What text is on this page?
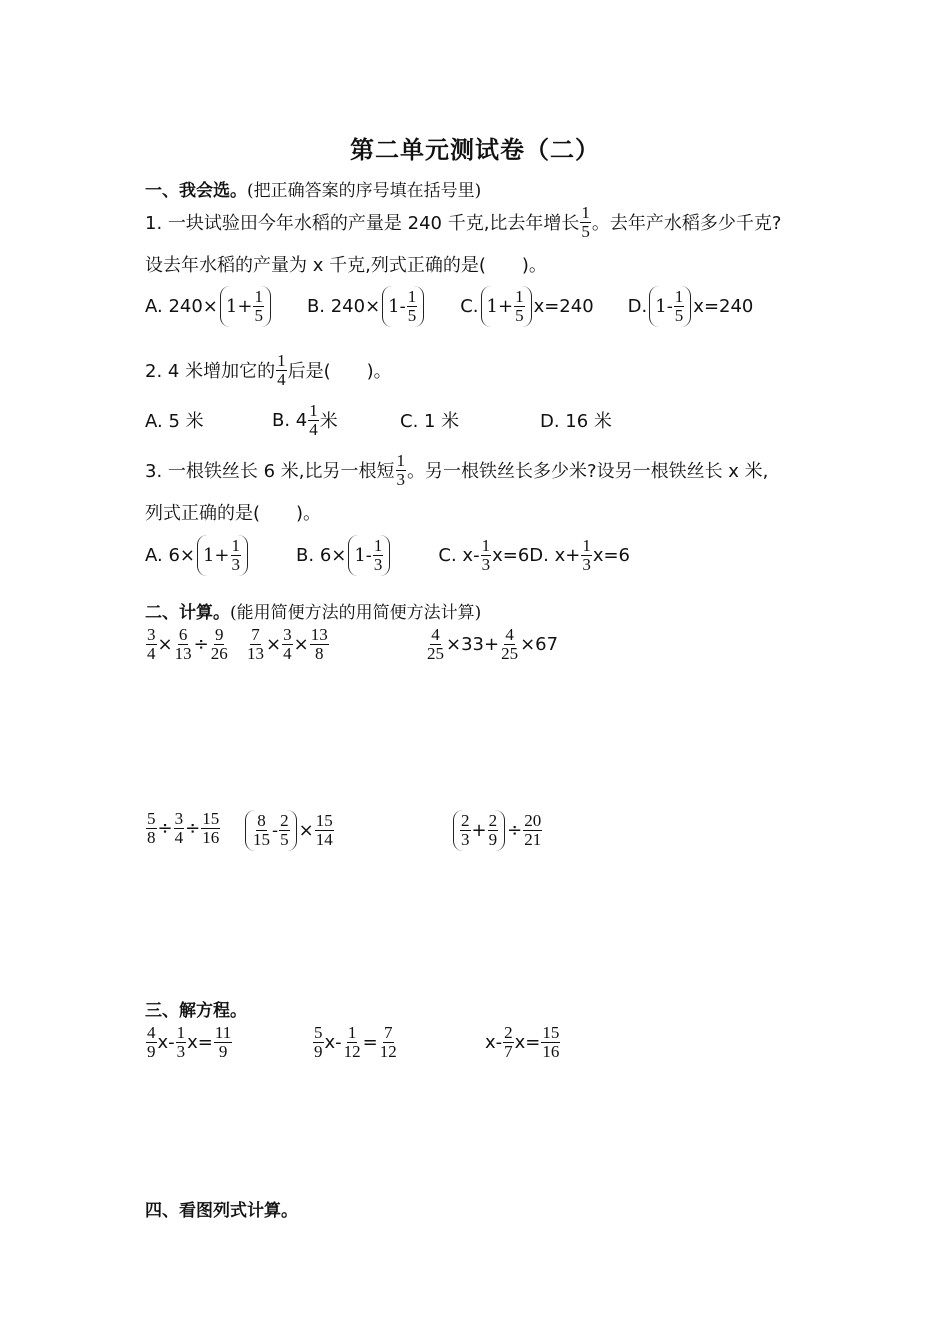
第二单元测试卷（二）
一、我会选。 (把正确答案的序号填在括号里)
1. 一块试验田今年水稻的产量是 240 千克,比去年增长 $\frac{1}{5}$ 。去年产水稻多少千克?
设去年水稻的产量为 x 千克,列式正确的是(　　)。
A. $240\times 1+ \frac{1}{5} B$. $240\times 1- \frac{1}{5} C$. $1+ \frac{1}{5} x=240$ D. $1- \frac{1}{5} x=240$
2. 4 米增加它的 $\frac{1}{4}$ 后是(　　)。
A. 5 米	B. $4 \frac{1}{4}$ 米	C. 1 米	D. 16 米
3. 一根铁丝长 6 米,比另一根短 $\frac{1}{3}$ 。另一根铁丝长多少米?设另一根铁丝长 x 米,
列式正确的是(　　)。
A. $6\times 1+ \frac{1}{3}$	B. $6\times 1- \frac{1}{3}$	C. $x- \frac{1}{3} x=6D$. $x+ \frac{1}{3} x=6$
二、计算。 (能用简便方法的用简便方法计算)
$\frac{3}{4} \times \frac{6}{13} \div \frac{9}{26} \frac{7}{13} \times \frac{3}{4} \times \frac{13}{8}$	$\frac{4}{25} \times 33+ \frac{4}{25} \times 67$
$\frac{5}{8} \div \frac{3}{4} \div \frac{15}{16} \frac{8}{15} - \frac{2}{5} \times \frac{15}{14}$	$\frac{2}{3} + \frac{2}{9} \div \frac{20}{21}$
三、解方程。
$\frac{4}{9} x- \frac{1}{3} x= \frac{11}{9}$	$\frac{5}{9} x- \frac{1}{12} = \frac{7}{12}$	$x- \frac{2}{7} x= \frac{15}{16}$
四、看图列式计算。
